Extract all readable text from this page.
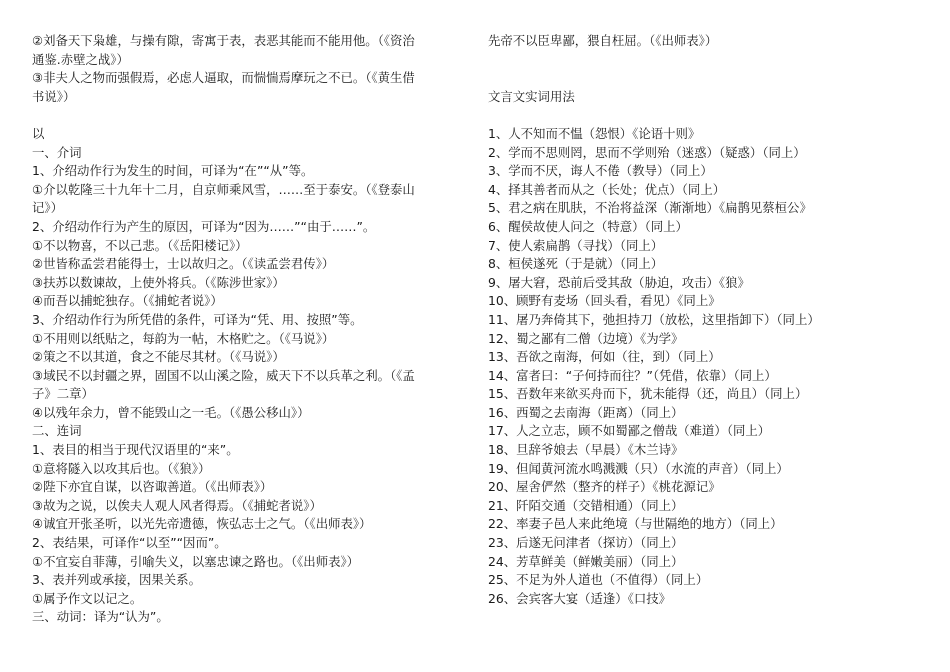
②刘备天下枭雄，与操有隙，寄寓于表，表恶其能而不能用他。（《资治
通鉴.赤壁之战》）
③非夫人之物而强假焉，必虑人逼取，而惴惴焉摩玩之不已。（《黄生借
书说》）
以
一、介词
1、介绍动作行为发生的时间，可译为“在”“从”等。
①介以乾隆三十九年十二月，自京师乘风雪，……至于泰安。（《登泰山
记》）
2、介绍动作行为产生的原因，可译为“因为……”“由于……”。
①不以物喜，不以己悲。（《岳阳楼记》）
②世皆称孟尝君能得士，士以故归之。（《读孟尝君传》）
③扶苏以数谏故，上使外将兵。（《陈涉世家》）
④而吾以捕蛇独存。（《捕蛇者说》）
3、介绍动作行为所凭借的条件，可译为“凭、用、按照”等。
①不用则以纸贴之，每韵为一帖，木格贮之。（《马说》）
②策之不以其道，食之不能尽其材。（《马说》）
③域民不以封疆之界，固国不以山溪之险，威天下不以兵革之利。（《孟
子》二章）
④以残年余力，曾不能毁山之一毛。（《愚公移山》）
二、连词
1、表目的相当于现代汉语里的“来”。
①意将隧入以攻其后也。（《狼》）
②陛下亦宜自谋，以咨诹善道。（《出师表》）
③故为之说，以俟夫人观人风者得焉。（《捕蛇者说》）
④诚宜开张圣听，以光先帝遗德，恢弘志士之气。（《出师表》）
2、表结果，可译作“以至”“因而”。
①不宜妄自菲薄，引喻失义，以塞忠谏之路也。（《出师表》）
3、表并列或承接，因果关系。
①属予作文以记之。
三、动词：译为“认为”。
先帝不以臣卑鄙，猥自枉屈。（《出师表》）
文言文实词用法
1、人不知而不愠（怨恨）《论语十则》
2、学而不思则罔，思而不学则殆（迷惑）（疑惑）（同上）
3、学而不厌，诲人不倦（教导）（同上）
4、择其善者而从之（长处；优点）（同上）
5、君之病在肌肤，不治将益深（渐渐地）《扁鹊见蔡桓公》
6、醒侯故使人问之（特意）（同上）
7、使人索扁鹊（寻找）（同上）
8、桓侯遂死（于是就）（同上）
9、屠大窘，恐前后受其敌（胁迫，攻击）《狼》
10、顾野有麦场（回头看，看见）《同上》
11、屠乃奔倚其下，弛担持刀（放松，这里指卸下）（同上）
12、蜀之鄙有二僧（边境）《为学》
13、吾欲之南海，何如（往，到）（同上）
14、富者曰：“子何持而往？”（凭借，依靠）（同上）
15、吾数年来欲买舟而下，犹未能得（还，尚且）（同上）
16、西蜀之去南海（距离）（同上）
17、人之立志，顾不如蜀鄙之僧哉（难道）（同上）
18、旦辞爷娘去（早晨）《木兰诗》
19、但闻黄河流水鸣溅溅（只）（水流的声音）（同上）
20、屋舍俨然（整齐的样子）《桃花源记》
21、阡陌交通（交错相通）（同上）
22、率妻子邑人来此绝境（与世隔绝的地方）（同上）
23、后遂无问津者（探访）（同上）
24、芳草鲜美（鲜嫩美丽）（同上）
25、不足为外人道也（不值得）（同上）
26、会宾客大宴（适逢）《口技》
